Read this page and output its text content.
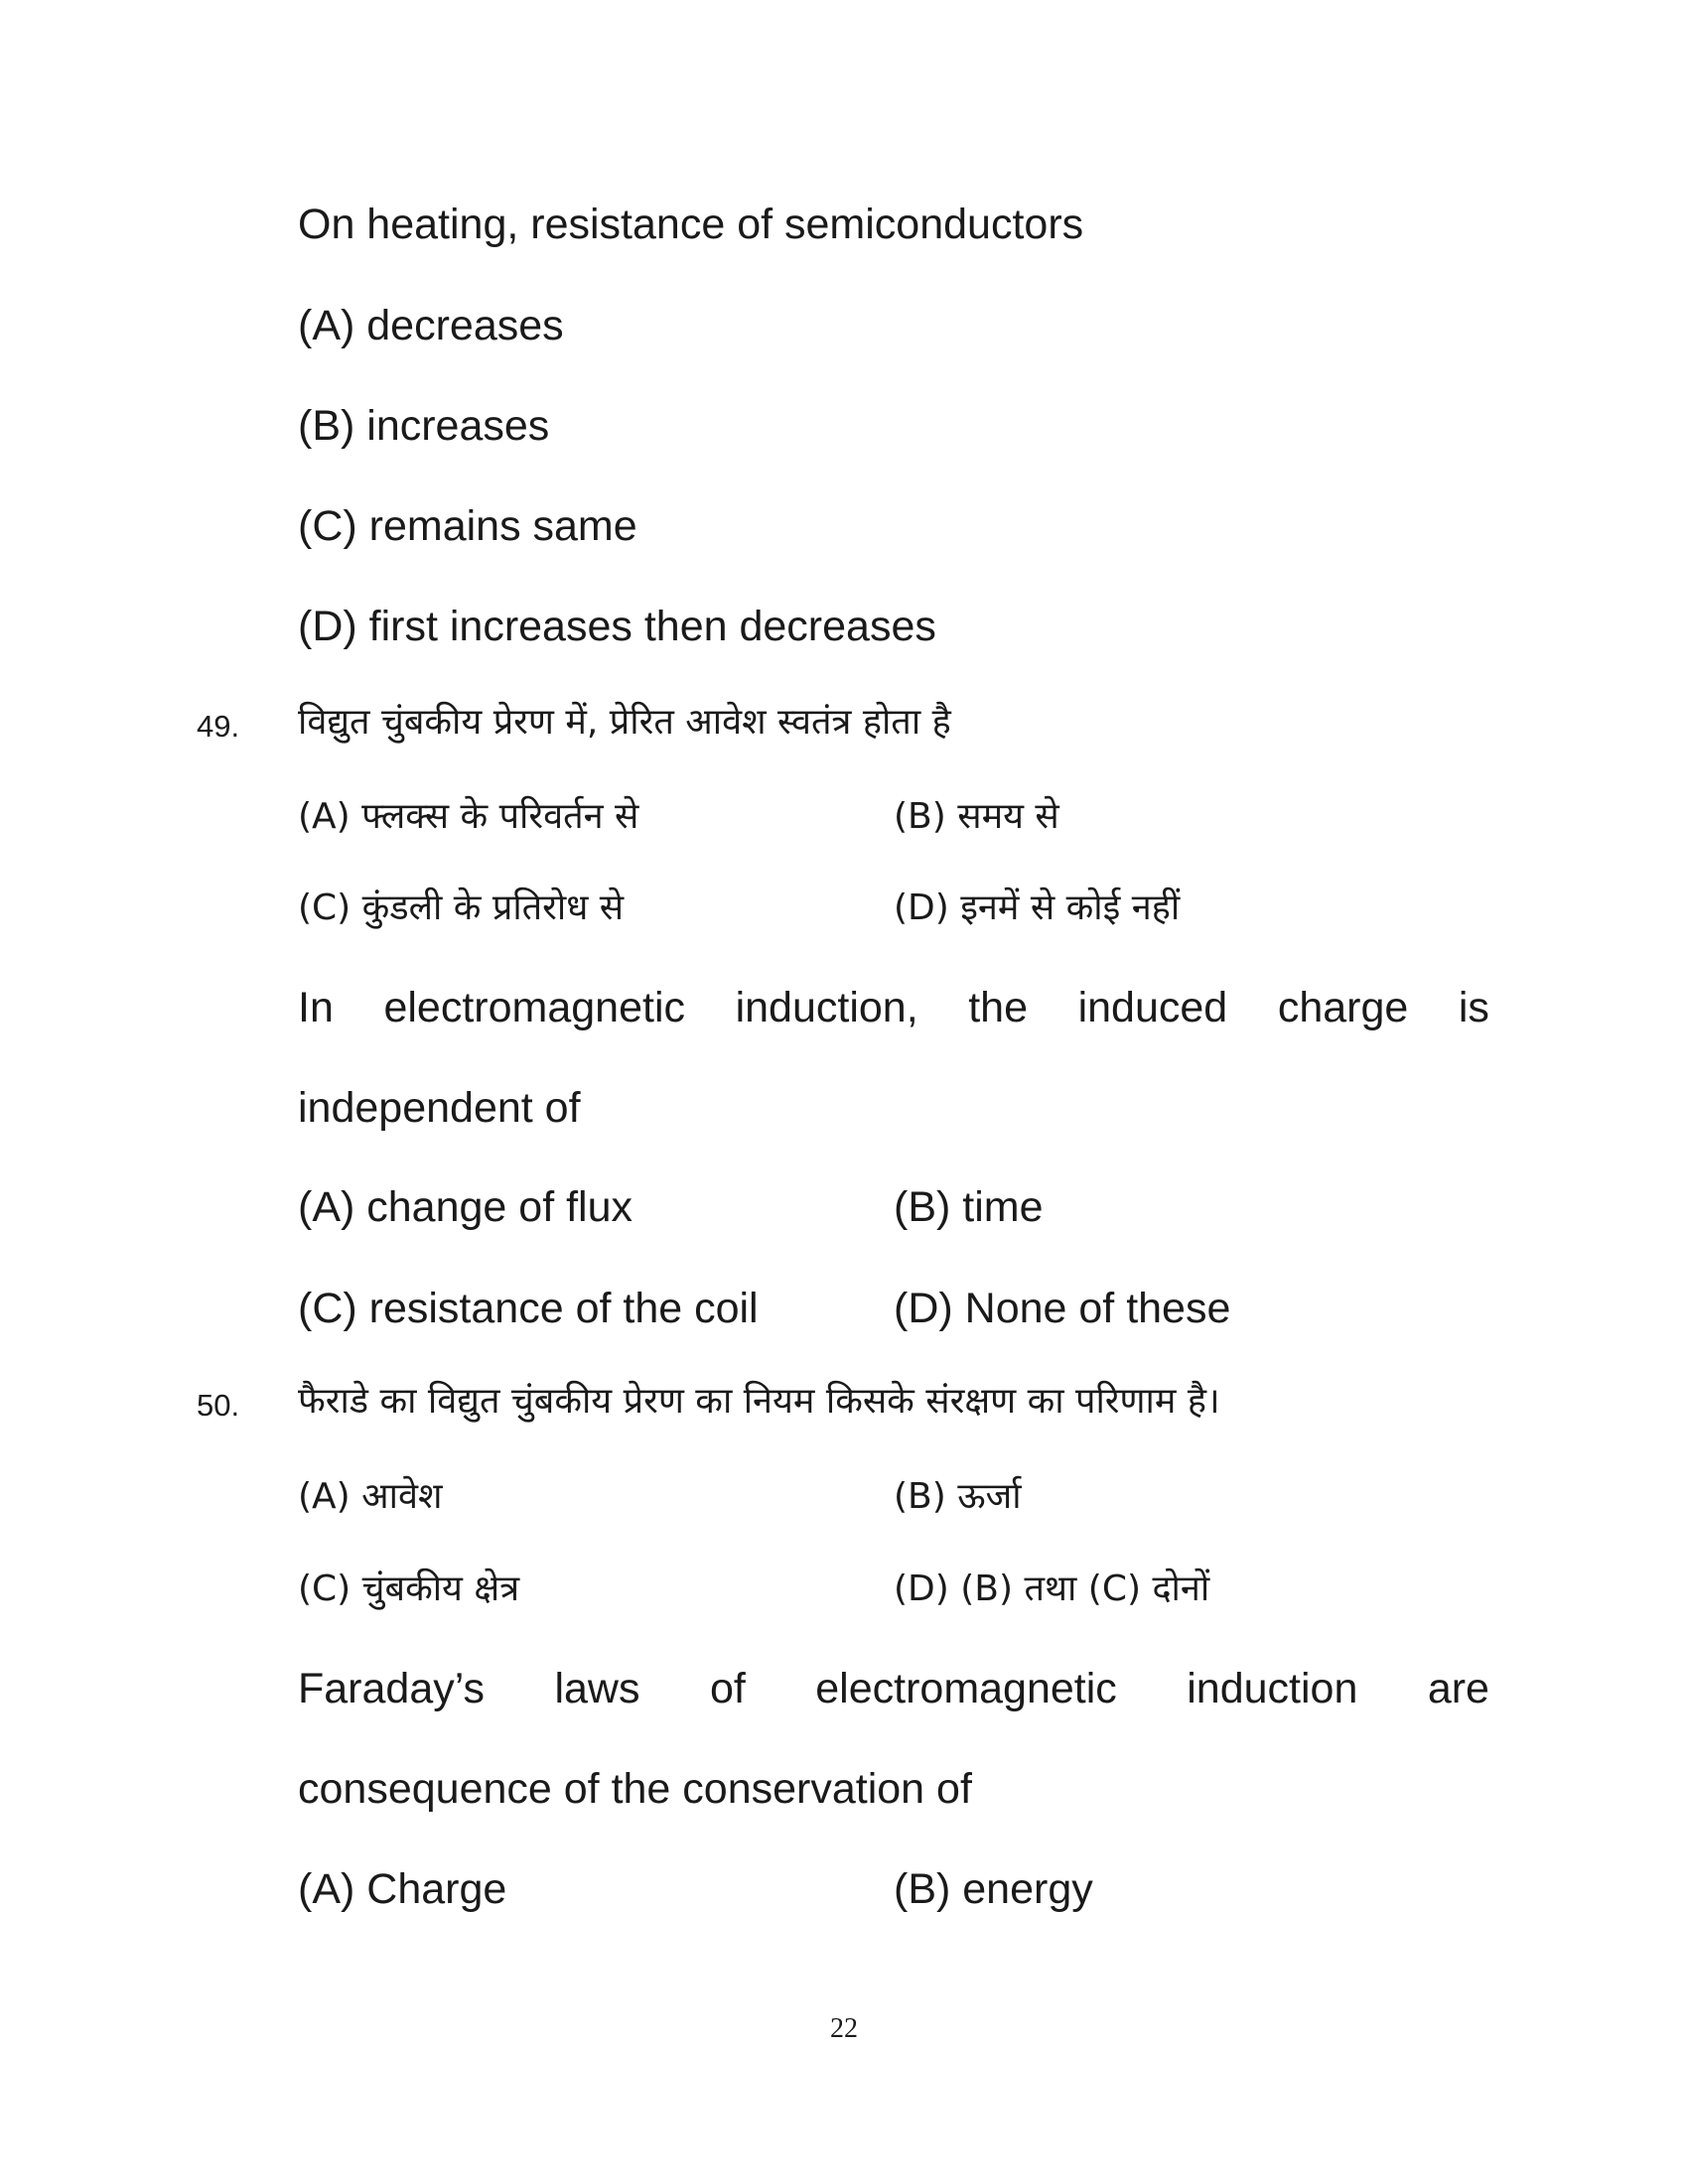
On heating, resistance of semiconductors
(A) decreases
(B) increases
(C) remains same
(D) first increases then decreases
49. विद्युत चुंबकीय प्रेरण में, प्रेरित आवेश स्वतंत्र होता है
(A) फ्लक्स के परिवर्तन से	(B) समय से
(C) कुंडली के प्रतिरोध से	(D) इनमें से कोई नहीं
In electromagnetic induction, the induced charge is
independent of
(A) change of flux	(B) time
(C) resistance of the coil	(D) None of these
50. फैराडे का विद्युत चुंबकीय प्रेरण का नियम किसके संरक्षण का परिणाम है।
(A) आवेश	(B) ऊर्जा
(C) चुंबकीय क्षेत्र	(D) (B) तथा (C) दोनों
Faraday’s laws of electromagnetic induction are
consequence of the conservation of
(A) Charge	(B) energy
22
